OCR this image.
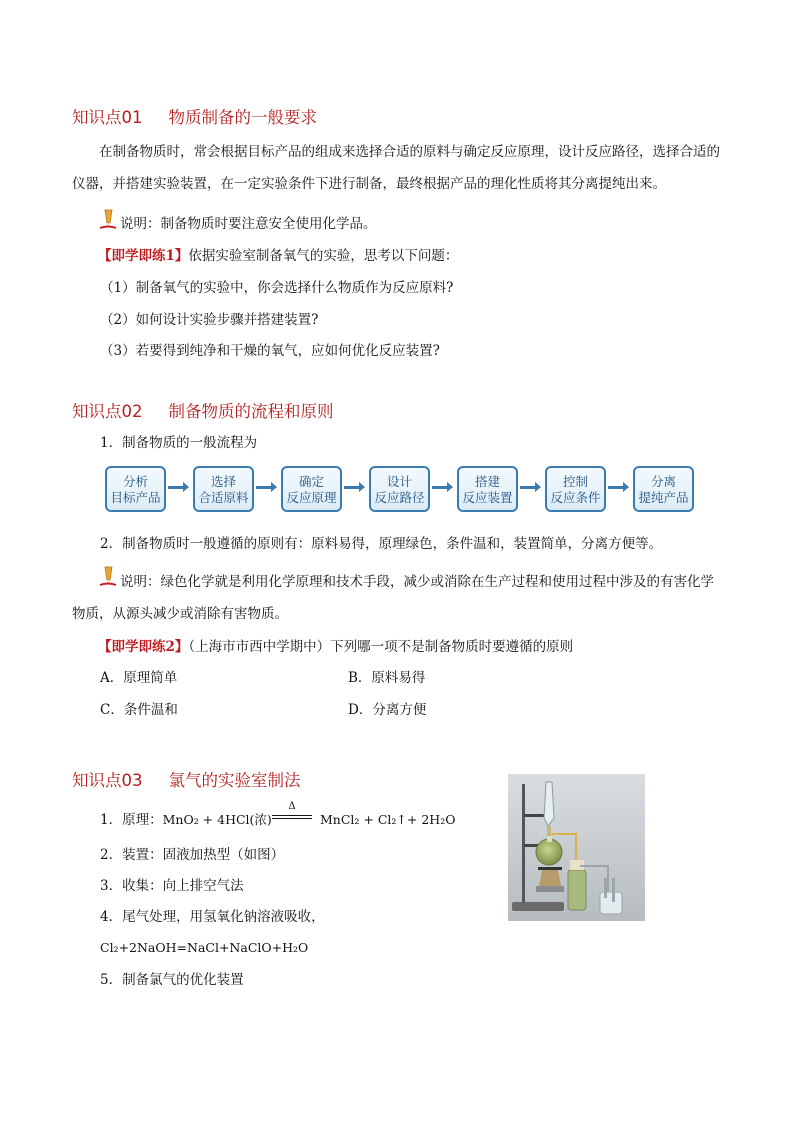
知识点01 物质制备的一般要求
在制备物质时，常会根据目标产品的组成来选择合适的原料与确定反应原理，设计反应路径，选择合适的仪器，并搭建实验装置，在一定实验条件下进行制备，最终根据产品的理化性质将其分离提纯出来。
说明：制备物质时要注意安全使用化学品。
【即学即练1】依据实验室制备氧气的实验，思考以下问题：
（1）制备氧气的实验中，你会选择什么物质作为反应原料?
（2）如何设计实验步骤并搭建装置?
（3）若要得到纯净和干燥的氧气，应如何优化反应装置?
知识点02 制备物质的流程和原则
1．制备物质的一般流程为
分析
目标产品
选择
合适原料
确定
反应原理
设计
反应路径
搭建
反应装置
控制
反应条件
分离
提纯产品
2．制备物质时一般遵循的原则有：原料易得，原理绿色，条件温和，装置简单，分离方便等。
说明：绿色化学就是利用化学原理和技术手段，减少或消除在生产过程和使用过程中涉及的有害化学物质，从源头减少或消除有害物质。
【即学即练2】（上海市市西中学期中）下列哪一项不是制备物质时要遵循的原则
A．原理简单	B．原料易得
C．条件温和	D．分离方便
知识点03 氯气的实验室制法
1．原理：MnO₂ + 4HCl(浓)
Δ
MnCl₂ + Cl₂↑+ 2H₂O
2．装置：固液加热型（如图）
3．收集：向上排空气法
4．尾气处理，用氢氧化钠溶液吸收，
Cl₂+2NaOH=NaCl+NaClO+H₂O
5．制备氯气的优化装置
